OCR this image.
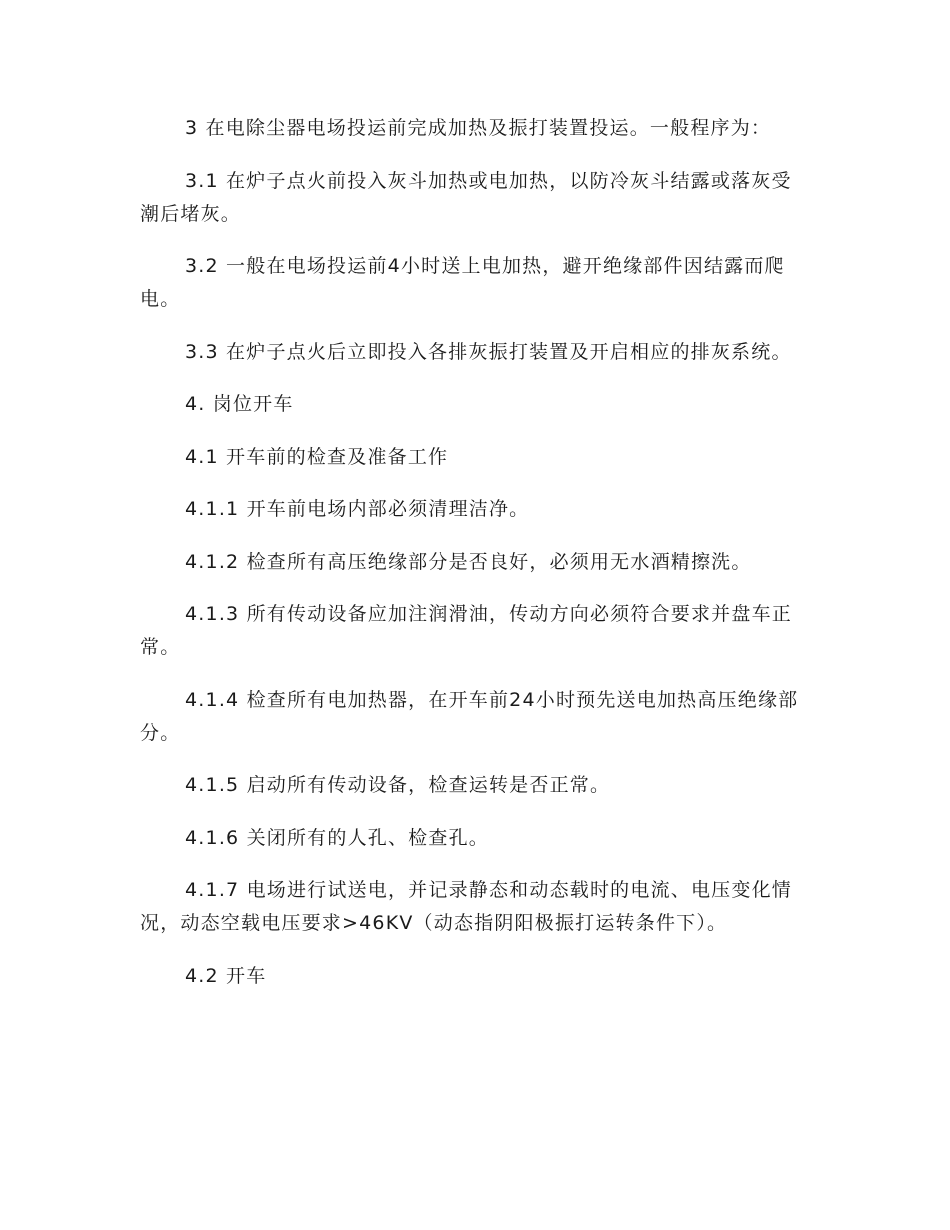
3 在电除尘器电场投运前完成加热及振打装置投运。一般程序为：

3.1 在炉子点火前投入灰斗加热或电加热，以防冷灰斗结露或落灰受潮后堵灰。

3.2 一般在电场投运前4小时送上电加热，避开绝缘部件因结露而爬电。

3.3 在炉子点火后立即投入各排灰振打装置及开启相应的排灰系统。

4. 岗位开车

4.1 开车前的检查及准备工作

4.1.1 开车前电场内部必须清理洁净。

4.1.2 检查所有高压绝缘部分是否良好，必须用无水酒精擦洗。

4.1.3 所有传动设备应加注润滑油，传动方向必须符合要求并盘车正常。

4.1.4 检查所有电加热器，在开车前24小时预先送电加热高压绝缘部分。

4.1.5 启动所有传动设备，检查运转是否正常。

4.1.6 关闭所有的人孔、检查孔。

4.1.7 电场进行试送电，并记录静态和动态载时的电流、电压变化情况，动态空载电压要求>46KV（动态指阴阳极振打运转条件下）。

4.2 开车
